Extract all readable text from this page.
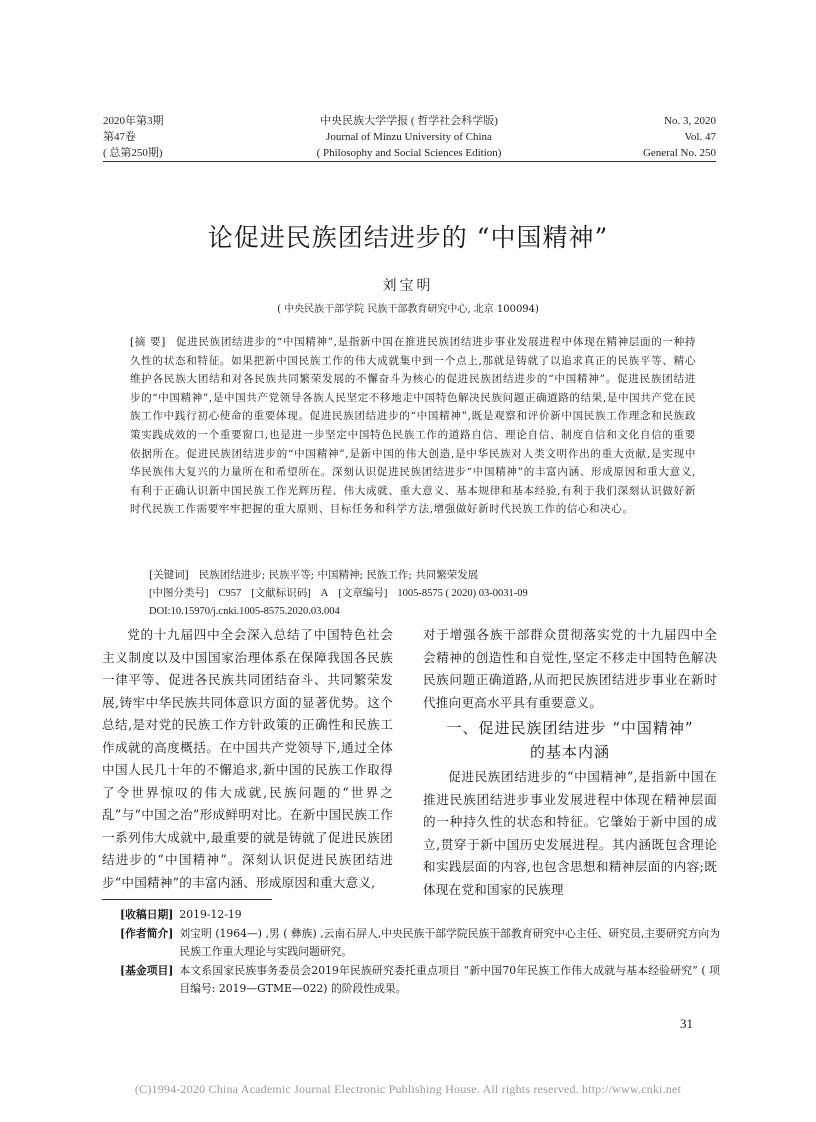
2020年第3期
第47卷
( 总第250期)
中央民族大学学报 ( 哲学社会科学版)
Journal of Minzu University of China
( Philosophy and Social Sciences Edition)
No. 3, 2020
Vol. 47
General No. 250
论促进民族团结进步的 “中国精神”
刘宝明
( 中央民族干部学院 民族干部教育研究中心, 北京 100094)
[摘 要] 促进民族团结进步的“中国精神”,是指新中国在推进民族团结进步事业发展进程中体现在精神层面的一种持久性的状态和特征。如果把新中国民族工作的伟大成就集中到一个点上,那就是铸就了以追求真正的民族平等、精心维护各民族大团结和对各民族共同繁荣发展的不懈奋斗为核心的促进民族团结进步的“中国精神”。促进民族团结进步的“中国精神”,是中国共产党领导各族人民坚定不移地走中国特色解决民族问题正确道路的结果,是中国共产党在民族工作中践行初心使命的重要体现。促进民族团结进步的“中国精神”,既是观察和评价新中国民族工作理念和民族政策实践成效的一个重要窗口,也是进一步坚定中国特色民族工作的道路自信、理论自信、制度自信和文化自信的重要依据所在。促进民族团结进步的“中国精神”,是新中国的伟大创造,是中华民族对人类文明作出的重大贡献,是实现中华民族伟大复兴的力量所在和希望所在。深刻认识促进民族团结进步“中国精神”的丰富内涵、形成原因和重大意义,有利于正确认识新中国民族工作光辉历程、伟大成就、重大意义、基本规律和基本经验,有利于我们深刻认识做好新时代民族工作需要牢牢把握的重大原则、目标任务和科学方法,增强做好新时代民族工作的信心和决心。
[关键词] 民族团结进步; 民族平等; 中国精神; 民族工作; 共同繁荣发展
[中图分类号] C957 [文献标识码] A [文章编号] 1005-8575 ( 2020) 03-0031-09
DOI:10.15970/j.cnki.1005-8575.2020.03.004

党的十九届四中全会深入总结了中国特色社会主义制度以及中国国家治理体系在保障我国各民族一律平等、促进各民族共同团结奋斗、共同繁荣发展,铸牢中华民族共同体意识方面的显著优势。这个总结,是对党的民族工作方针政策的正确性和民族工作成就的高度概括。在中国共产党领导下,通过全体中国人民几十年的不懈追求,新中国的民族工作取得了令世界惊叹的伟大成就,民族问题的“世界之乱”与“中国之治”形成鲜明对比。在新中国民族工作一系列伟大成就中,最重要的就是铸就了促进民族团结进步的“中国精神”。深刻认识促进民族团结进步“中国精神”的丰富内涵、形成原因和重大意义,

对于增强各族干部群众贯彻落实党的十九届四中全会精神的创造性和自觉性,坚定不移走中国特色解决民族问题正确道路,从而把民族团结进步事业在新时代推向更高水平具有重要意义。

一、促进民族团结进步 “中国精神”
的基本内涵

促进民族团结进步的“中国精神”,是指新中国在推进民族团结进步事业发展进程中体现在精神层面的一种持久性的状态和特征。它肇始于新中国的成立,贯穿于新中国历史发展进程。其内涵既包含理论和实践层面的内容,也包含思想和精神层面的内容;既体现在党和国家的民族理

[收稿日期] 2019-12-19
[作者简介] 刘宝明 (1964—) ,男 ( 彝族) ,云南石屏人,中央民族干部学院民族干部教育研究中心主任、研究员,主要研究方向为民族工作重大理论与实践问题研究。
[基金项目] 本文系国家民族事务委员会2019年民族研究委托重点项目 “新中国70年民族工作伟大成就与基本经验研究” ( 项目编号: 2019—GTME—022) 的阶段性成果。
31
(C)1994-2020 China Academic Journal Electronic Publishing House. All rights reserved. http://www.cnki.net
